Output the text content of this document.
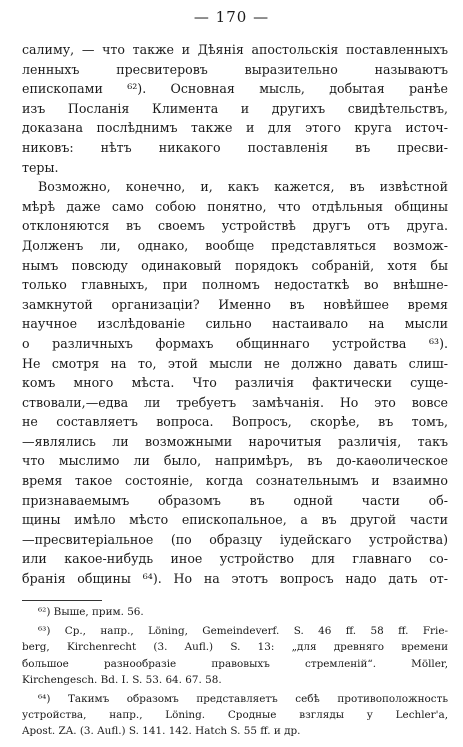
— 170 —
салиму, — что также и Дѣянія апостольскія поставленныхъ
ленныхъ пресвитеровъ выразительно называютъ
епископами ⁶²). Основная мысль, добытая ранѣе
изъ Посланія Климента и другихъ свидѣтельствъ,
доказана послѣднимъ также и для этого круга источ-
никовъ: нѣтъ никакого поставленія въ пресви-
теры.
Возможно, конечно, и, какъ кажется, въ извѣстной
мѣрѣ даже само собою понятно, что отдѣльныя общины
отклоняются въ своемъ устройствѣ другъ отъ друга.
Долженъ ли, однако, вообще представляться возмож-
нымъ повсюду одинаковый порядокъ собраній, хотя бы
только главныхъ, при полномъ недостаткѣ во внѣшне-
замкнутой организаціи? Именно въ новѣйшее время
научное изслѣдованіе сильно настаивало на мысли
о различныхъ формахъ общиннаго устройства ⁶³).
Не смотря на то, этой мысли не должно давать слиш-
комъ много мѣста. Что различія фактически суще-
ствовали,—едва ли требуетъ замѣчанія. Но это вовсе
не составляетъ вопроса. Вопросъ, скорѣе, въ томъ,
—являлись ли возможными нарочитыя различія, такъ
что мыслимо ли было, напримѣръ, въ до-каѳолическое
время такое состояніе, когда сознательнымъ и взаимно
признаваемымъ образомъ въ одной части об-
щины имѣло мѣсто епископальное, а въ другой части
—пресвитеріальное (по образцу іудейскаго устройства)
или какое-нибудь иное устройство для главнаго со-
бранія общины ⁶⁴). Но на этотъ вопросъ надо дать от-
⁶²) Выше, прим. 56.
⁶³) Ср., напр., Löning, Gemeindeverf. S. 46 ff. 58 ff. Frie-
berg, Kirchenrecht (3. Aufl.) S. 13: „для древняго времени
большое разнообразіе правовыхъ стремленій“. Möller,
Kirchengesch. Bd. I. S. 53. 64. 67. 58.
⁶⁴) Такимъ образомъ представляетъ себѣ противоположность
устройства, напр., Löning. Сродные взгляды у Lechler'a,
Apost. ZA. (3. Aufl.) S. 141. 142. Hatch S. 55 ff. и др.
